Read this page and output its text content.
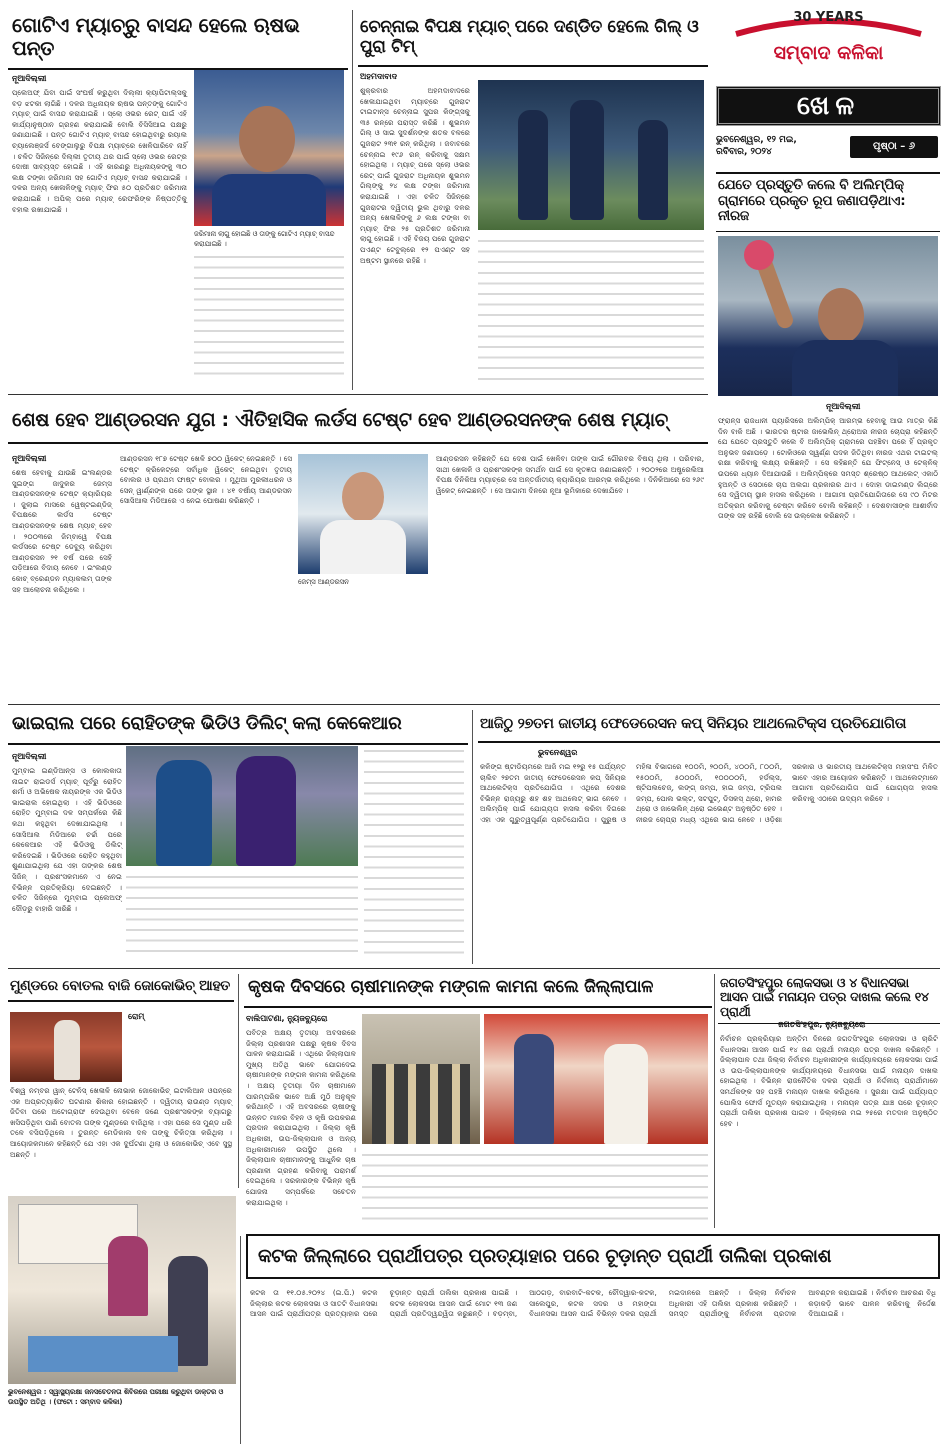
30 YEARS
ସମ୍ବାଦ କଳିକା
ଖେଳ
ଭୁବନେଶ୍ୱର, ୧୨ ମଇ,
ରବିବାର, ୨୦୨୪	ପୃଷ୍ଠା – ୬
ଗୋଟିଏ ମ୍ୟାଚ୍‌ରୁ ବାସନ୍ଦ ହେଲେ ଋଷଭ ପନ୍ତ
ନୂଆଦିଲ୍ଲୀ
ପ୍ଲେଅଫ୍ ଯିବା ପାଇଁ ସଂଘର୍ଷ କରୁଥିବା ଦିଲ୍ଲୀ କ୍ୟାପିଟାଲ୍‌ସକୁ ବଡ଼ ଝଟକା ଲାଗିଛି । ଦଳର ଅଧିନାୟକ ଋଷଭ ପନ୍ତଙ୍କୁ ଗୋଟିଏ ମ୍ୟାଚ୍ ପାଇଁ ବାସନ୍ଦ କରାଯାଇଛି । ସ୍ଲୋ ଓଭର ରେଟ୍ ପାଇଁ ଏହି କାର୍ଯ୍ୟାନୁଷ୍ଠାନ ଗ୍ରହଣ କରାଯାଇଛି ବୋଲି ବିସିସିଆଇ ପକ୍ଷରୁ ଜଣାଯାଇଛି । ପନ୍ତ ଗୋଟିଏ ମ୍ୟାଚ୍ ବାସନ୍ଦ ହୋଇଥିବାରୁ ରୟାଲ ଚ୍ୟାଲେଞ୍ଜର୍ସ ବେଙ୍ଗାଲୁରୁ ବିପକ୍ଷ ମ୍ୟାଚ୍‌ରେ ଖେଳିପାରିବେ ନାହିଁ । ଚଳିତ ସିଜିନ୍‌ରେ ଦିଲ୍ଲୀ ତୃତୀୟ ଥର ପାଇଁ ସ୍ଲୋ ଓଭର ରେଟ୍‌ର ଦୋଷୀ ସାବ୍ୟସ୍ତ ହୋଇଛି । ଏହି କାରଣରୁ ଅଧିନାୟକଙ୍କୁ ୩୦ ଲକ୍ଷ ଟଙ୍କା ଜରିମାନା ସହ ଗୋଟିଏ ମ୍ୟାଚ୍ ବାସନ୍ଦ କରାଯାଇଛି । ଦଳର ଅନ୍ୟ ଖେଳାଳିଙ୍କୁ ମ୍ୟାଚ୍ ଫିର ୫୦ ପ୍ରତିଶତ ଜରିମାନା କରାଯାଇଛି । ଅପିଲ୍ ପରେ ମ୍ୟାଚ୍ ରେଫରିଙ୍କ ନିଷ୍ପତ୍ତିକୁ ବହାଲ ରଖାଯାଇଛି ।
ଜରିମାନା ଲାଗୁ ହୋଇଛି ଓ ତାଙ୍କୁ ଗୋଟିଏ ମ୍ୟାଚ୍ ବାସନ୍ଦ କରାଯାଇଛି ।
ଚେନ୍ନାଇ ବିପକ୍ଷ ମ୍ୟାଚ୍ ପରେ ଦଣ୍ଡିତ ହେଲେ ଗିଲ୍ ଓ ପୁରା ଟିମ୍
ଅହମଦାବାଦ
ଶୁକ୍ରବାର ଅହମଦାବାଦରେ ଖେଳାଯାଇଥିବା ମ୍ୟାଚ୍‌ରେ ଗୁଜରାଟ ଟାଇଟାନ୍ସ ଚେନ୍ନାଇ ସୁପର କିଙ୍ଗ୍‌ସକୁ ୩୫ ରନ୍‌ରେ ପରାସ୍ତ କରିଛି । ଶୁଭମନ ଗିଲ୍ ଓ ସାଇ ସୁଦର୍ଶନଙ୍କ ଶତକ ବଳରେ ଗୁଜରାଟ ୨୩୧ ରନ୍ କରିଥିଲା । ଜବାବରେ ଚେନ୍ନାଇ ୧୯୬ ରନ୍ କରିବାକୁ ସକ୍ଷମ ହୋଇଥିଲା । ମ୍ୟାଚ୍ ପରେ ସ୍ଲୋ ଓଭର ରେଟ୍ ପାଇଁ ଗୁଜରାଟ ଅଧିନାୟକ ଶୁଭମନ ଗିଲ୍‌ଙ୍କୁ ୨୪ ଲକ୍ଷ ଟଙ୍କା ଜରିମାନା କରାଯାଇଛି । ଏହା ଚଳିତ ସିଜିନ୍‌ରେ ଗୁଜରାଟର ଦ୍ୱିତୀୟ ଭୁଲ ଥିବାରୁ ଦଳର ଅନ୍ୟ ଖେଳାଳିଙ୍କୁ ୬ ଲକ୍ଷ ଟଙ୍କା ବା ମ୍ୟାଚ୍ ଫିର ୨୫ ପ୍ରତିଶତ ଜରିମାନା ଲାଗୁ ହୋଇଛି । ଏହି ବିଜୟ ପରେ ଗୁଜରାଟ ପଏଣ୍ଟ ଟେବୁଲ୍‌ରେ ୧୨ ପଏଣ୍ଟ ସହ ଅଷ୍ଟମ ସ୍ଥାନରେ ରହିଛି ।
ଯେତେ ପ୍ରସ୍ତୁତି କଲେ ବି ଅଲିମ୍ପିକ୍ ଗ୍ରାମରେ ପ୍ରକୃତ ରୂପ ଜଣାପଡ଼ିଥାଏ: ନୀରଜ
ନୂଆଦିଲ୍ଲୀ
ଫ୍ରାନ୍ସ ରାଜଧାନୀ ପ୍ୟାରିସରେ ଅଲିମ୍ପିକ୍ ଆରମ୍ଭ ହେବାକୁ ଆଉ ମାତ୍ର କିଛି ଦିନ ବାକି ଅଛି । ଭାରତର ଷ୍ଟାର ଜାଭେଲିନ୍ ଥ୍ରୋଅର ନୀରଜ ଚୋପ୍ରା କହିଛନ୍ତି ଯେ ଯେତେ ପ୍ରସ୍ତୁତି କଲେ ବି ଅଲିମ୍ପିକ୍ ଗ୍ରାମରେ ପହଞ୍ଚିବା ପରେ ହିଁ ପ୍ରକୃତ ଅନୁଭବ ଜଣାପଡ଼େ । ଟୋକିଓରେ ସ୍ୱର୍ଣ୍ଣ ପଦକ ଜିତିଥିବା ନୀରଜ ଏଥର ଟାଇଟଲ୍ ରକ୍ଷା କରିବାକୁ ଲକ୍ଷ୍ୟ ରଖିଛନ୍ତି । ସେ କହିଛନ୍ତି ଯେ ଫିଟ୍‌ନେସ୍ ଓ ଟେକ୍ନିକ୍ ଉପରେ ଧ୍ୟାନ ଦିଆଯାଉଛି । ଅଲିମ୍ପିକ୍‌ରେ ସମସ୍ତ ଶ୍ରେଷ୍ଠ ଆଥଲେଟ୍ ଏକାଠି ହୁଅନ୍ତି ଓ ସେଠାରେ ଚାପ ଅଲଗା ପ୍ରକାରର ଥାଏ । ଦୋହା ଡାଇମଣ୍ଡ ଲିଗ୍‌ରେ ସେ ଦ୍ୱିତୀୟ ସ୍ଥାନ ହାସଲ କରିଥିଲେ । ଆଗାମୀ ପ୍ରତିଯୋଗିତାରେ ସେ ୯୦ ମିଟର ଅତିକ୍ରମ କରିବାକୁ ଚେଷ୍ଟା କରିବେ ବୋଲି କହିଛନ୍ତି । ଦେଶବାସୀଙ୍କ ଆଶୀର୍ବାଦ ତାଙ୍କ ସହ ରହିଛି ବୋଲି ସେ ଉଲ୍ଲେଖ କରିଛନ୍ତି ।
ଶେଷ ହେବ ଆଣ୍ଡରସନ ଯୁଗ : ଐତିହାସିକ ଲର୍ଡସ ଟେଷ୍ଟ ହେବ ଆଣ୍ଡରସନଙ୍କ ଶେଷ ମ୍ୟାଚ୍
ନୂଆଦିଲ୍ଲୀ
ଶେଷ ହେବାକୁ ଯାଉଛି ଇଂଲଣ୍ଡର ସୁଇଙ୍ଗ ଜାଦୁକର ଜେମ୍ସ ଆଣ୍ଡରସନଙ୍କ ଟେଷ୍ଟ କ୍ୟାରିୟର । ଜୁଲାଇ ମାସରେ ୱେଷ୍ଟଇଣ୍ଡିଜ୍ ବିପକ୍ଷରେ ଲର୍ଡସ ଟେଷ୍ଟ ଆଣ୍ଡରସନଙ୍କ ଶେଷ ମ୍ୟାଚ୍ ହେବ । ୨୦୦୩ରେ ଜିମ୍ବାୱେ ବିପକ୍ଷ ଲର୍ଡସରେ ଟେଷ୍ଟ ଡେବ୍ୟୁ କରିଥିବା ଆଣ୍ଡରସନ ୨୧ ବର୍ଷ ପରେ ସେହି ପଡ଼ିଆରେ ବିଦାୟ ନେବେ । ଇଂଲଣ୍ଡ କୋଚ୍ ବ୍ରେଣ୍ଡନ ମ୍ୟାକଲମ୍ ତାଙ୍କ ସହ ଆଲୋଚନା କରିଥିଲେ ।
ଆଣ୍ଡରସନ ୧୮୭ ଟେଷ୍ଟ ଖେଳି ୭୦୦ ୱିକେଟ୍ ନେଇଛନ୍ତି । ସେ ଟେଷ୍ଟ କ୍ରିକେଟ୍‌ରେ ସର୍ବାଧିକ ୱିକେଟ୍ ନେଇଥିବା ତୃତୀୟ ବୋଲର ଓ ପ୍ରଥମ ଫାଷ୍ଟ ବୋଲର । ମୁଥିଆ ମୁରଲୀଧରନ ଓ ସେନ୍ ୱାର୍ଣ୍ଣଙ୍କ ପରେ ତାଙ୍କ ସ୍ଥାନ । ୪୧ ବର୍ଷୀୟ ଆଣ୍ଡରସନ ସୋସିଆଲ ମିଡିଆରେ ଏ ନେଇ ଘୋଷଣା କରିଛନ୍ତି ।
ଜେମ୍ସ ଆଣ୍ଡରସନ
ଆଣ୍ଡରସନ କହିଛନ୍ତି ଯେ ଦେଶ ପାଇଁ ଖେଳିବା ତାଙ୍କ ପାଇଁ ଗୌରବର ବିଷୟ ଥିଲା । ପରିବାର, ସାଥୀ ଖେଳାଳି ଓ ପ୍ରଶଂସକଙ୍କ ସମର୍ଥନ ପାଇଁ ସେ କୃତଜ୍ଞତା ଜଣାଇଛନ୍ତି । ୨୦୦୨ରେ ଅଷ୍ଟ୍ରେଲିଆ ବିପକ୍ଷ ଦିନିକିଆ ମ୍ୟାଚ୍‌ରେ ସେ ଅନ୍ତର୍ଜାତୀୟ କ୍ୟାରିୟର ଆରମ୍ଭ କରିଥିଲେ । ଦିନିକିଆରେ ସେ ୨୬୯ ୱିକେଟ୍ ନେଇଛନ୍ତି । ସେ ଆଗାମୀ ଦିନରେ ନୂଆ ଭୂମିକାରେ ଦେଖାଯିବେ ।
ଭାଇରାଲ ପରେ ରୋହିତଙ୍କ ଭିଡିଓ ଡିଲିଟ୍ କଲା କେକେଆର
ନୂଆଦିଲ୍ଲୀ
ମୁମ୍ବାଇ ଇଣ୍ଡିଆନ୍ସ ଓ କୋଲକାତା ନାଇଟ ରାଇଡର୍ସ ମ୍ୟାଚ୍ ପୂର୍ବରୁ ରୋହିତ ଶର୍ମା ଓ ଅଭିଷେକ ନାୟରଙ୍କ ଏକ ଭିଡିଓ ଭାଇରାଲ ହୋଇଥିଲା । ଏହି ଭିଡିଓରେ ରୋହିତ ମୁମ୍ବାଇ ଦଳ ସମ୍ପର୍କରେ କିଛି କଥା କହୁଥିବା ଦେଖାଯାଇଥିଲା । ସୋସିଆଲ ମିଡିଆରେ ଚର୍ଚ୍ଚା ପରେ କେକେଆର ଏହି ଭିଡିଓକୁ ଡିଲିଟ୍ କରିଦେଇଛି । ଭିଡିଓରେ ରୋହିତ କହୁଥିବା ଶୁଣାଯାଇଥିଲା ଯେ ଏହା ତାଙ୍କର ଶେଷ ସିଜିନ୍ । ପ୍ରଶଂସକମାନେ ଏ ନେଇ ବିଭିନ୍ନ ପ୍ରତିକ୍ରିୟା ଦେଇଛନ୍ତି । ଚଳିତ ସିଜିନ୍‌ରେ ମୁମ୍ବାଇ ପ୍ଲେଅଫ୍ ଦୌଡ଼ରୁ ବାହାରି ସାରିଛି ।
ଆଜିଠୁ ୨୭ତମ ଜାତୀୟ ଫେଡେରେସନ କପ୍ ସିନିୟର ଆଥଲେଟିକ୍ସ ପ୍ରତିଯୋଗିତା
ଭୁବନେଶ୍ୱର
କଳିଙ୍ଗ ଷ୍ଟାଡିୟମରେ ଆଜି ମଇ ୧୨ରୁ ୧୫ ପର୍ଯ୍ୟନ୍ତ ଚାଲିବ ୨୭ତମ ଜାତୀୟ ଫେଡେରେସନ କପ୍ ସିନିୟର ଆଥଲେଟିକ୍ସ ପ୍ରତିଯୋଗିତା । ଏଥିରେ ଦେଶର ବିଭିନ୍ନ ରାଜ୍ୟରୁ ଶହ ଶହ ଆଥଲେଟ୍ ଭାଗ ନେବେ । ଅଲିମ୍ପିକ୍ ପାଇଁ ଯୋଗ୍ୟତା ହାସଲ କରିବା ଦିଗରେ ଏହା ଏକ ଗୁରୁତ୍ୱପୂର୍ଣ୍ଣ ପ୍ରତିଯୋଗିତା । ପୁରୁଷ ଓ ମହିଳା ବିଭାଗରେ ୧୦୦ମି, ୨୦୦ମି, ୪୦୦ମି, ୮୦୦ମି, ୧୫୦୦ମି, ୫୦୦୦ମି, ୧୦୦୦୦ମି, ହର୍ଡଲ୍‌ସ, ଷ୍ଟିପଲଚେଜ୍, ଲଙ୍ଗ୍ ଜମ୍ପ, ହାଇ ଜମ୍ପ, ଟ୍ରିପଲ ଜମ୍ପ, ପୋଲ ଭଲ୍ଟ, ସଟପୁଟ୍, ଡିସକସ୍ ଥ୍ରୋ, ହାମର ଥ୍ରୋ ଓ ଜାଭେଲିନ୍ ଥ୍ରୋ ଇଭେଣ୍ଟ ଅନୁଷ୍ଠିତ ହେବ । ନୀରଜ ଚୋପ୍ରା ମଧ୍ୟ ଏଥିରେ ଭାଗ ନେବେ । ଓଡ଼ିଶା ସରକାର ଓ ଭାରତୀୟ ଆଥଲେଟିକ୍ସ ମହାସଂଘ ମିଳିତ ଭାବେ ଏହାର ଆୟୋଜନ କରିଛନ୍ତି । ଆଥଲେଟ୍‌ମାନେ ଆଗାମୀ ପ୍ରତିଯୋଗିତା ପାଇଁ ଯୋଗ୍ୟତା ହାସଲ କରିବାକୁ ଏଠାରେ ଉଦ୍ୟମ କରିବେ ।
ମୁଣ୍ଡରେ ବୋତଲ ବାଜି ଜୋକୋଭିଚ୍ ଆହତ
ରୋମ୍
ବିଶ୍ୱ ନମ୍ବର ୱାନ୍ ଟେନିସ୍ ଖେଳାଳି ନୋଭାକ ଜୋକୋଭିଚ୍ ଇଟାଲିଆନ ଓପନ୍‌ରେ ଏକ ଅପ୍ରତ୍ୟାଶିତ ଘଟଣାର ଶିକାର ହୋଇଛନ୍ତି । ଦ୍ୱିତୀୟ ରାଉଣ୍ଡ ମ୍ୟାଚ୍ ଜିତିବା ପରେ ଅଟୋଗ୍ରାଫ ଦେଉଥିବା ବେଳେ ଜଣେ ପ୍ରଶଂସକଙ୍କ ବ୍ୟାଗରୁ ଖସିପଡ଼ିଥିବା ପାଣି ବୋତଲ ତାଙ୍କ ମୁଣ୍ଡରେ ବାଜିଥିଲା । ଏହା ପରେ ସେ ମୁଣ୍ଡ ଧରି ତଳେ ବସିପଡ଼ିଥିଲେ । ତୁରନ୍ତ ମେଡିକାଲ ଦଳ ତାଙ୍କୁ ଚିକିତ୍ସା କରିଥିଲା । ଆୟୋଜକମାନେ କହିଛନ୍ତି ଯେ ଏହା ଏକ ଦୁର୍ଘଟଣା ଥିଲା ଓ ଜୋକୋଭିଚ୍ ଏବେ ସୁସ୍ଥ ଅଛନ୍ତି ।
କୃଷକ ଦିବସରେ ଚାଷୀମାନଙ୍କ ମଙ୍ଗଳ କାମନା କଲେ ଜିଲ୍ଲାପାଳ
ବାଲିପାଟଣା, ନ୍ୟୁଜବ୍ୟୁରୋ
ପବିତ୍ର ଅକ୍ଷୟ ତୃତୀୟା ଅବସରରେ ଜିଲ୍ଲା ପ୍ରଶାସନ ପକ୍ଷରୁ କୃଷକ ଦିବସ ପାଳନ କରାଯାଇଛି । ଏଥିରେ ଜିଲ୍ଲାପାଳ ମୁଖ୍ୟ ଅତିଥି ଭାବେ ଯୋଗଦେଇ ଚାଷୀମାନଙ୍କ ମଙ୍ଗଳ କାମନା କରିଥିଲେ । ଅକ୍ଷୟ ତୃତୀୟା ଦିନ ଚାଷୀମାନେ ପାରମ୍ପରିକ ଭାବେ ଅକ୍ଷି ମୁଠି ଅନୁକୂଳ କରିଥାନ୍ତି । ଏହି ଅବସରରେ ଚାଷୀଙ୍କୁ ଉନ୍ନତ ମାନର ବିହନ ଓ କୃଷି ଉପକରଣ ପ୍ରଦାନ କରାଯାଇଥିଲା । ଜିଲ୍ଲା କୃଷି ଅଧିକାରୀ, ଉପ-ଜିଲ୍ଲାପାଳ ଓ ଅନ୍ୟ ଅଧିକାରୀମାନେ ଉପସ୍ଥିତ ଥିଲେ । ଜିଲ୍ଲାପାଳ ଚାଷୀମାନଙ୍କୁ ଆଧୁନିକ ଚାଷ ପ୍ରଣାଳୀ ଗ୍ରହଣ କରିବାକୁ ପରାମର୍ଶ ଦେଇଥିଲେ । ସରକାରଙ୍କ ବିଭିନ୍ନ କୃଷି ଯୋଜନା ସମ୍ପର୍କରେ ସଚେତନ କରାଯାଇଥିଲା ।
ଜଗତସିଂହପୁର ଲୋକସଭା ଓ ୪ ବିଧାନସଭା ଆସନ ପାଇଁ ମନାୟନ ପତ୍ର ଦାଖଲ କଲେ ୧୪ ପ୍ରାର୍ଥୀ
ଜଗତସିଂହପୁର, ନ୍ୟୁଜବ୍ୟୁରୋ
ନିର୍ବାଚନ ପ୍ରକ୍ରିୟାର ଅନ୍ତିମ ଦିନରେ ଜଗତସିଂହପୁର ଲୋକସଭା ଓ ଚାରିଟି ବିଧାନସଭା ଆସନ ପାଇଁ ୧୪ ଜଣ ପ୍ରାର୍ଥୀ ମନାୟନ ପତ୍ର ଦାଖଲ କରିଛନ୍ତି । ଜିଲ୍ଲାପାଳ ତଥା ଜିଲ୍ଲା ନିର୍ବାଚନ ଅଧିକାରୀଙ୍କ କାର୍ଯ୍ୟାଳୟରେ ଲୋକସଭା ପାଇଁ ଓ ଉପ-ଜିଲ୍ଲାପାଳଙ୍କ କାର୍ଯ୍ୟାଳୟରେ ବିଧାନସଭା ପାଇଁ ମନାୟନ ଦାଖଲ ହୋଇଥିଲା । ବିଭିନ୍ନ ରାଜନୈତିକ ଦଳର ପ୍ରାର୍ଥୀ ଓ ନିର୍ଦ୍ଦଳୀୟ ପ୍ରାର୍ଥୀମାନେ ସମର୍ଥକଙ୍କ ସହ ପହଞ୍ଚି ମନାୟନ ଦାଖଲ କରିଥିଲେ । ସୁରକ୍ଷା ପାଇଁ ପର୍ଯ୍ୟାପ୍ତ ପୋଲିସ ଫୋର୍ସ ମୁତୟନ କରାଯାଇଥିଲା । ମନାୟନ ପତ୍ର ଯାଞ୍ଚ ପରେ ଚୂଡ଼ାନ୍ତ ପ୍ରାର୍ଥୀ ତାଲିକା ପ୍ରକାଶ ପାଇବ । ଜିଲ୍ଲାରେ ମଇ ୨୫ରେ ମତଦାନ ଅନୁଷ୍ଠିତ ହେବ ।
ଭୁବନେଶ୍ୱର : ସ୍ୱାସ୍ଥ୍ୟରକ୍ଷା ଜନସଚେତନତା ଶିବିରରେ ପରୀକ୍ଷା କରୁଥିବା ଡାକ୍ତର ଓ ଉପସ୍ଥିତ ଅତିଥି । (ଫଟୋ : ସମ୍ବାଦ କଳିକା)
କଟକ ଜିଲ୍ଲାରେ ପ୍ରାର୍ଥୀପତ୍ର ପ୍ରତ୍ୟାହାର ପରେ ଚୂଡ଼ାନ୍ତ ପ୍ରାର୍ଥୀ ତାଲିକା ପ୍ରକାଶ
କଟକ ତା ୧୧.୦୫.୨୦୨୪ (ଇ.ପି.) କଟକ ଜିଲ୍ଲାର କଟକ ଲୋକସଭା ଓ ସାତଟି ବିଧାନସଭା ଆସନ ପାଇଁ ପ୍ରାର୍ଥୀପତ୍ର ପ୍ରତ୍ୟାହାର ପରେ ଚୂଡ଼ାନ୍ତ ପ୍ରାର୍ଥୀ ତାଲିକା ପ୍ରକାଶ ପାଇଛି । କଟକ ଲୋକସଭା ଆସନ ପାଇଁ ମୋଟ ୧୩ ଜଣ ପ୍ରାର୍ଥୀ ପ୍ରତିଦ୍ୱନ୍ଦ୍ୱିତା କରୁଛନ୍ତି । ବଡ଼ମ୍ବା, ଆଠଗଡ଼, ବାରବାଟି-କଟକ, ଚୌଦ୍ୱାର-କଟକ, ସାଲେପୁର, କଟକ ସଦର ଓ ମହାଙ୍ଗା ବିଧାନସଭା ଆସନ ପାଇଁ ବିଭିନ୍ନ ଦଳର ପ୍ରାର୍ଥୀ ମଇଦାନରେ ଅଛନ୍ତି । ଜିଲ୍ଲା ନିର୍ବାଚନ ଅଧିକାରୀ ଏହି ତାଲିକା ପ୍ରକାଶ କରିଛନ୍ତି । ସମସ୍ତ ପ୍ରାର୍ଥୀଙ୍କୁ ନିର୍ବାଚନୀ ପ୍ରତୀକ ଆବଣ୍ଟନ କରାଯାଇଛି । ନିର୍ବାଚନ ଆଚରଣ ବିଧି କଡ଼ାକଡ଼ି ଭାବେ ପାଳନ କରିବାକୁ ନିର୍ଦ୍ଦେଶ ଦିଆଯାଇଛି ।
